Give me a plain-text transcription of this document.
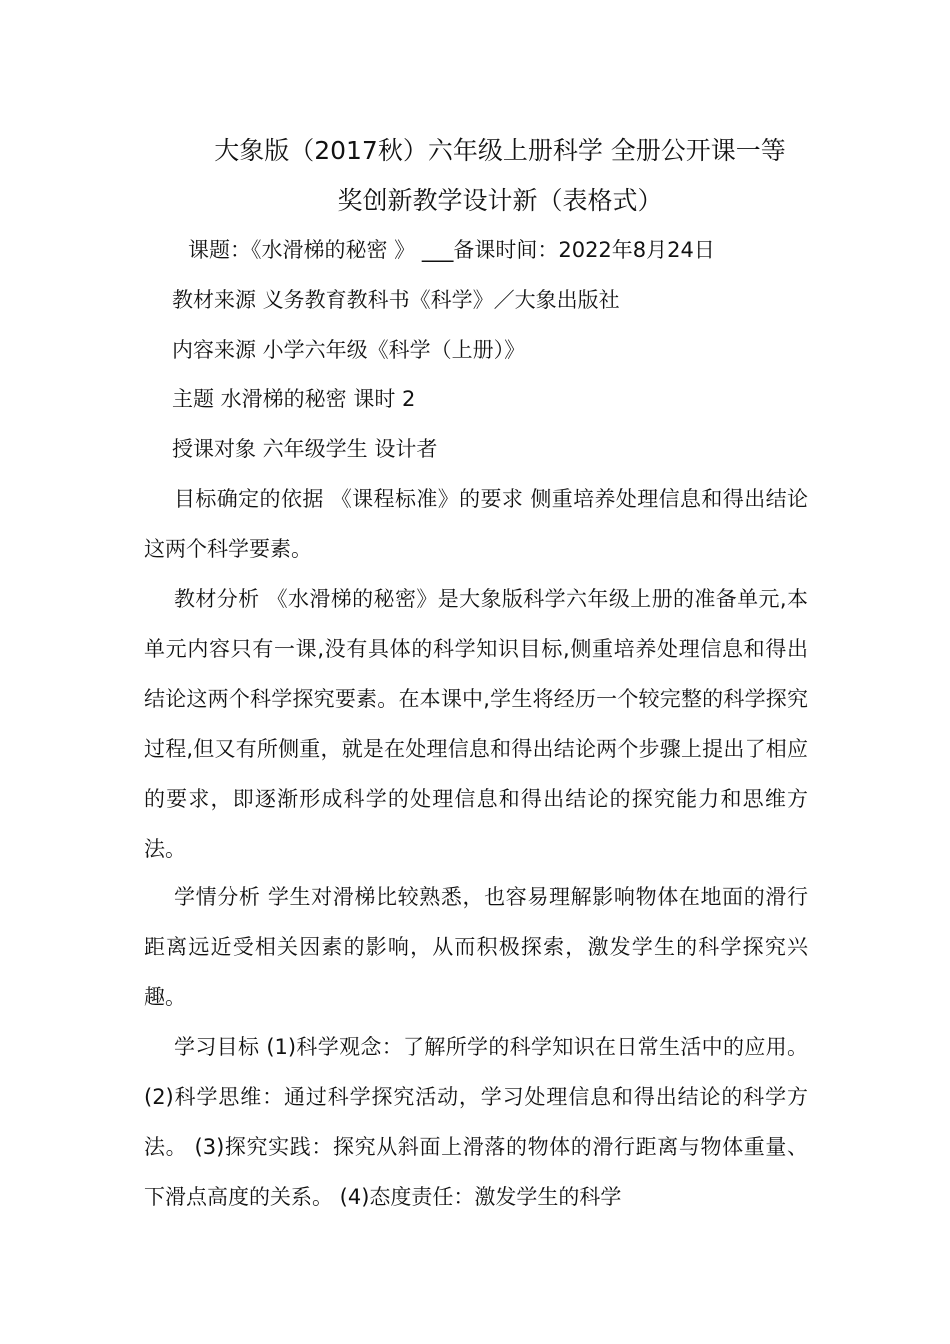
大象版（2017秋）六年级上册科学 全册公开课一等
奖创新教学设计新（表格式）
课题：《水滑梯的秘密 》 ___备课时间：2022年8月24日
教材来源 义务教育教科书《科学》／大象出版社
内容来源 小学六年级《科学（上册）》
主题 水滑梯的秘密 课时 2
授课对象 六年级学生 设计者
目标确定的依据 《课程标准》的要求 侧重培养处理信息和得出结论这两个科学要素。
教材分析 《水滑梯的秘密》是大象版科学六年级上册的准备单元,本单元内容只有一课,没有具体的科学知识目标,侧重培养处理信息和得出结论这两个科学探究要素。在本课中,学生将经历一个较完整的科学探究过程,但又有所侧重，就是在处理信息和得出结论两个步骤上提出了相应的要求，即逐渐形成科学的处理信息和得出结论的探究能力和思维方法。
学情分析 学生对滑梯比较熟悉，也容易理解影响物体在地面的滑行距离远近受相关因素的影响，从而积极探索，激发学生的科学探究兴趣。
学习目标 (1)科学观念：了解所学的科学知识在日常生活中的应用。 (2)科学思维：通过科学探究活动，学习处理信息和得出结论的科学方法。 (3)探究实践：探究从斜面上滑落的物体的滑行距离与物体重量、下滑点高度的关系。 (4)态度责任：激发学生的科学
